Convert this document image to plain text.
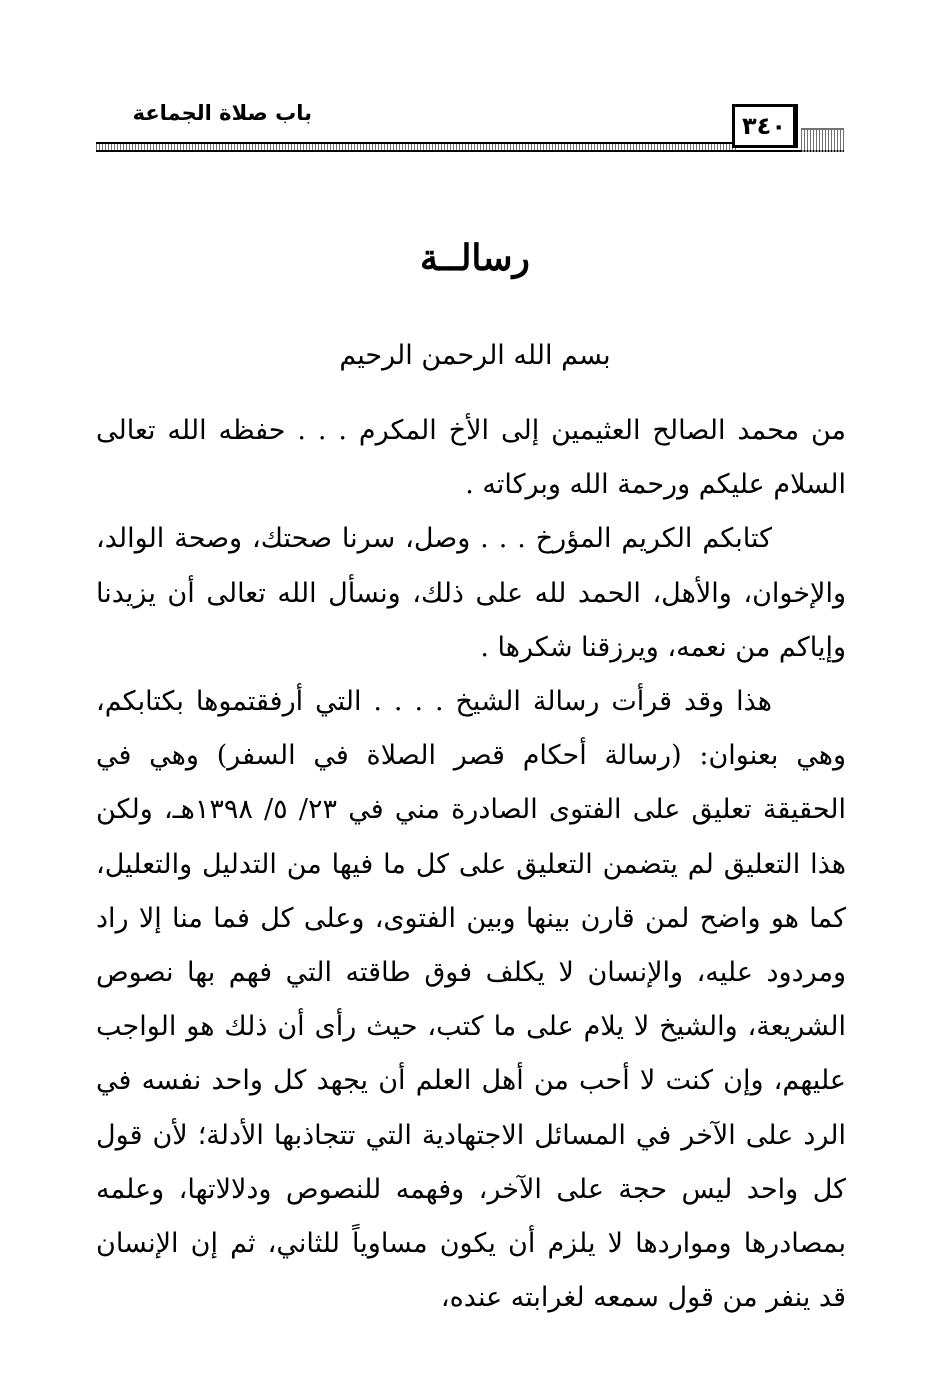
باب صلاة الجماعة	٣٤٠
رسالــة
بسم الله الرحمن الرحيم

من محمد الصالح العثيمين إلى الأخ المكرم . . . حفظه الله تعالى السلام عليكم ورحمة الله وبركاته .

كتابكم الكريم المؤرخ . . . وصل، سرنا صحتك، وصحة الوالد، والإخوان، والأهل، الحمد لله على ذلك، ونسأل الله تعالى أن يزيدنا وإياكم من نعمه، ويرزقنا شكرها .

هذا وقد قرأت رسالة الشيخ . . . . التي أرفقتموها بكتابكم، وهي بعنوان: (رسالة أحكام قصر الصلاة في السفر) وهي في الحقيقة تعليق على الفتوى الصادرة مني في ٢٣/ ٥/ ١٣٩٨هـ، ولكن هذا التعليق لم يتضمن التعليق على كل ما فيها من التدليل والتعليل، كما هو واضح لمن قارن بينها وبين الفتوى، وعلى كل فما منا إلا راد ومردود عليه، والإنسان لا يكلف فوق طاقته التي فهم بها نصوص الشريعة، والشيخ لا يلام على ما كتب، حيث رأى أن ذلك هو الواجب عليهم، وإن كنت لا أحب من أهل العلم أن يجهد كل واحد نفسه في الرد على الآخر في المسائل الاجتهادية التي تتجاذبها الأدلة؛ لأن قول كل واحد ليس حجة على الآخر، وفهمه للنصوص ودلالاتها، وعلمه بمصادرها ومواردها لا يلزم أن يكون مساوياً للثاني، ثم إن الإنسان قد ينفر من قول سمعه لغرابته عنده،
